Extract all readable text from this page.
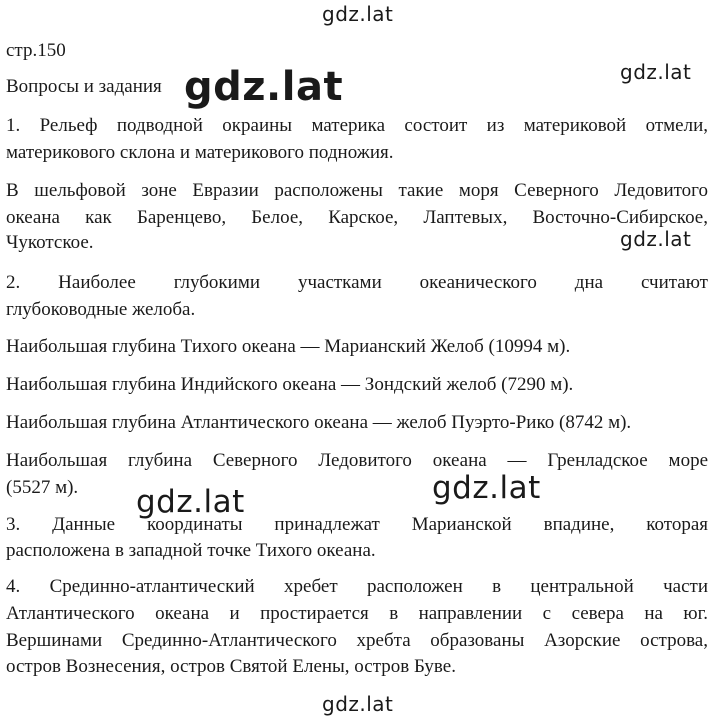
gdz.lat
gdz.lat
gdz.lat
gdz.lat
стр.150
Вопросы и задания
1. Рельеф подводной окраины материка состоит из материковой отмели,
материкового склона и материкового подножия.
В шельфовой зоне Евразии расположены такие моря Северного Ледовитого
океана как Баренцево, Белое, Карское, Лаптевых, Восточно-Сибирское,
Чукотское.
2. Наиболее глубокими участками океанического дна считают
глубоководные желоба.
Наибольшая глубина Тихого океана — Марианский Желоб (10994 м).
Наибольшая глубина Индийского океана — Зондский желоб (7290 м).
Наибольшая глубина Атлантического океана — желоб Пуэрто-Рико (8742 м).
Наибольшая глубина Северного Ледовитого океана — Гренладское море
(5527 м). gdz.lat	gdz.lat
3. Данные координаты принадлежат Марианской впадине, которая
расположена в западной точке Тихого океана.
4. Срединно-атлантический хребет расположен в центральной части
Атлантического океана и простирается в направлении с севера на юг.
Вершинами Срединно-Атлантического хребта образованы Азорские острова,
остров Вознесения, остров Святой Елены, остров Буве.
gdz.lat
